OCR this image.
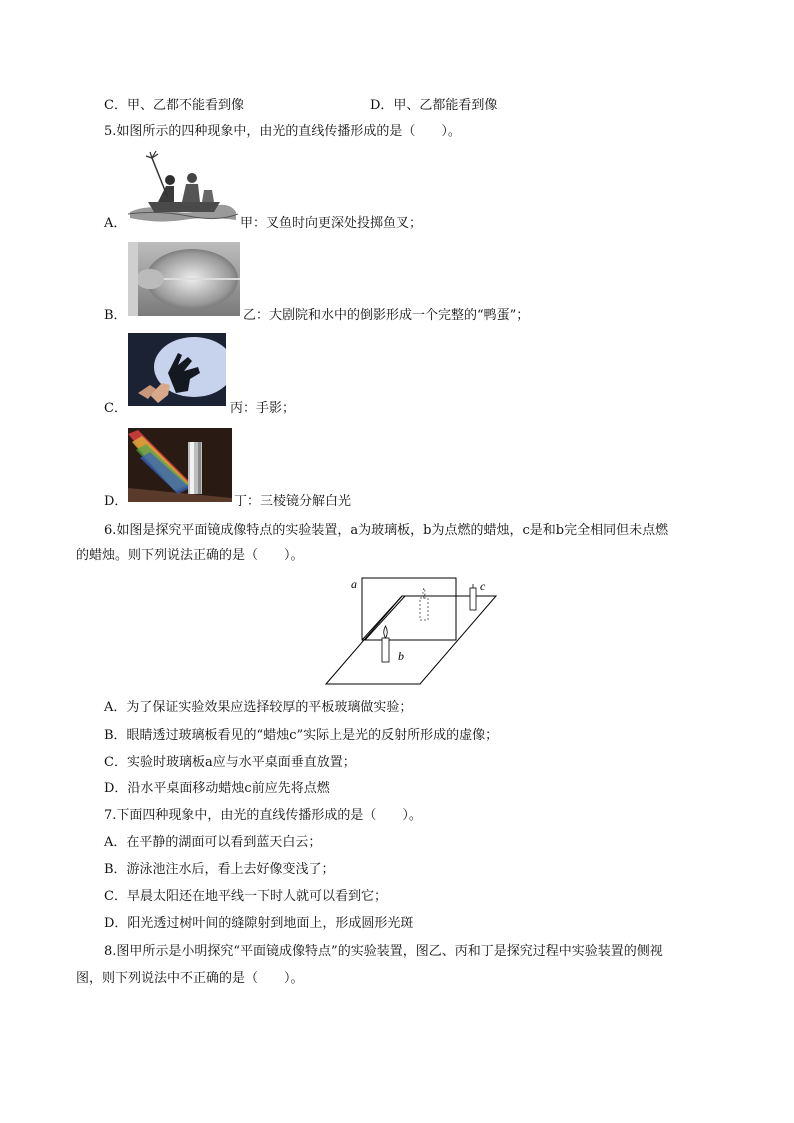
C．甲、乙都不能看到像	D．甲、乙都能看到像
5.如图所示的四种现象中，由光的直线传播形成的是（　　）。
A．	甲：叉鱼时向更深处投掷鱼叉；
B．	乙：大剧院和水中的倒影形成一个完整的“鸭蛋”；
C．	丙：手影；
D．	丁：三棱镜分解白光
6.如图是探究平面镜成像特点的实验装置，a为玻璃板，b为点燃的蜡烛，c是和b完全相同但未点燃
的蜡烛。则下列说法正确的是（　　）。
a
b
c
A．为了保证实验效果应选择较厚的平板玻璃做实验；
B．眼睛透过玻璃板看见的“蜡烛c”实际上是光的反射所形成的虚像；
C．实验时玻璃板a应与水平桌面垂直放置；
D．沿水平桌面移动蜡烛c前应先将点燃
7.下面四种现象中，由光的直线传播形成的是（　　）。
A．在平静的湖面可以看到蓝天白云；
B．游泳池注水后，看上去好像变浅了；
C．早晨太阳还在地平线一下时人就可以看到它；
D．阳光透过树叶间的缝隙射到地面上，形成圆形光斑
8.图甲所示是小明探究“平面镜成像特点”的实验装置，图乙、丙和丁是探究过程中实验装置的侧视
图，则下列说法中不正确的是（　　）。
